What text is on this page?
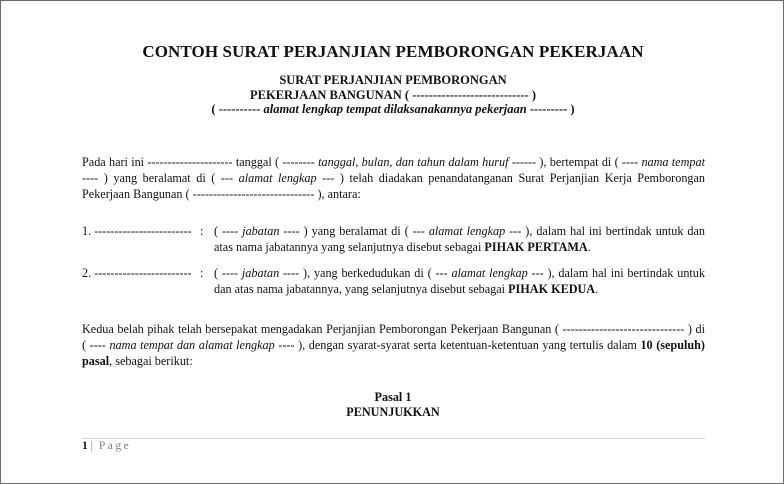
CONTOH SURAT PERJANJIAN PEMBORONGAN PEKERJAAN
SURAT PERJANJIAN PEMBORONGAN
PEKERJAAN BANGUNAN ( ---------------------------- )
( ---------- alamat lengkap tempat dilaksanakannya pekerjaan --------- )
Pada hari ini --------------------- tanggal ( -------- tanggal, bulan, dan tahun dalam huruf ------ ), bertempat di ( ---- nama tempat ---- ) yang beralamat di ( --- alamat lengkap --- ) telah diadakan penandatanganan Surat Perjanjian Kerja Pemborongan Pekerjaan Bangunan ( ------------------------------ ), antara:
1. ------------------------ : ( ---- jabatan ---- ) yang beralamat di ( --- alamat lengkap --- ), dalam hal ini bertindak untuk dan atas nama jabatannya yang selanjutnya disebut sebagai PIHAK PERTAMA.
2. ------------------------ : ( ---- jabatan ---- ), yang berkedudukan di ( --- alamat lengkap --- ), dalam hal ini bertindak untuk dan atas nama jabatannya, yang selanjutnya disebut sebagai PIHAK KEDUA.
Kedua belah pihak telah bersepakat mengadakan Perjanjian Pemborongan Pekerjaan Bangunan ( ------------------------------ ) di ( ---- nama tempat dan alamat lengkap ---- ), dengan syarat-syarat serta ketentuan-ketentuan yang tertulis dalam 10 (sepuluh) pasal, sebagai berikut:
Pasal 1
PENUNJUKKAN
1 | Page
